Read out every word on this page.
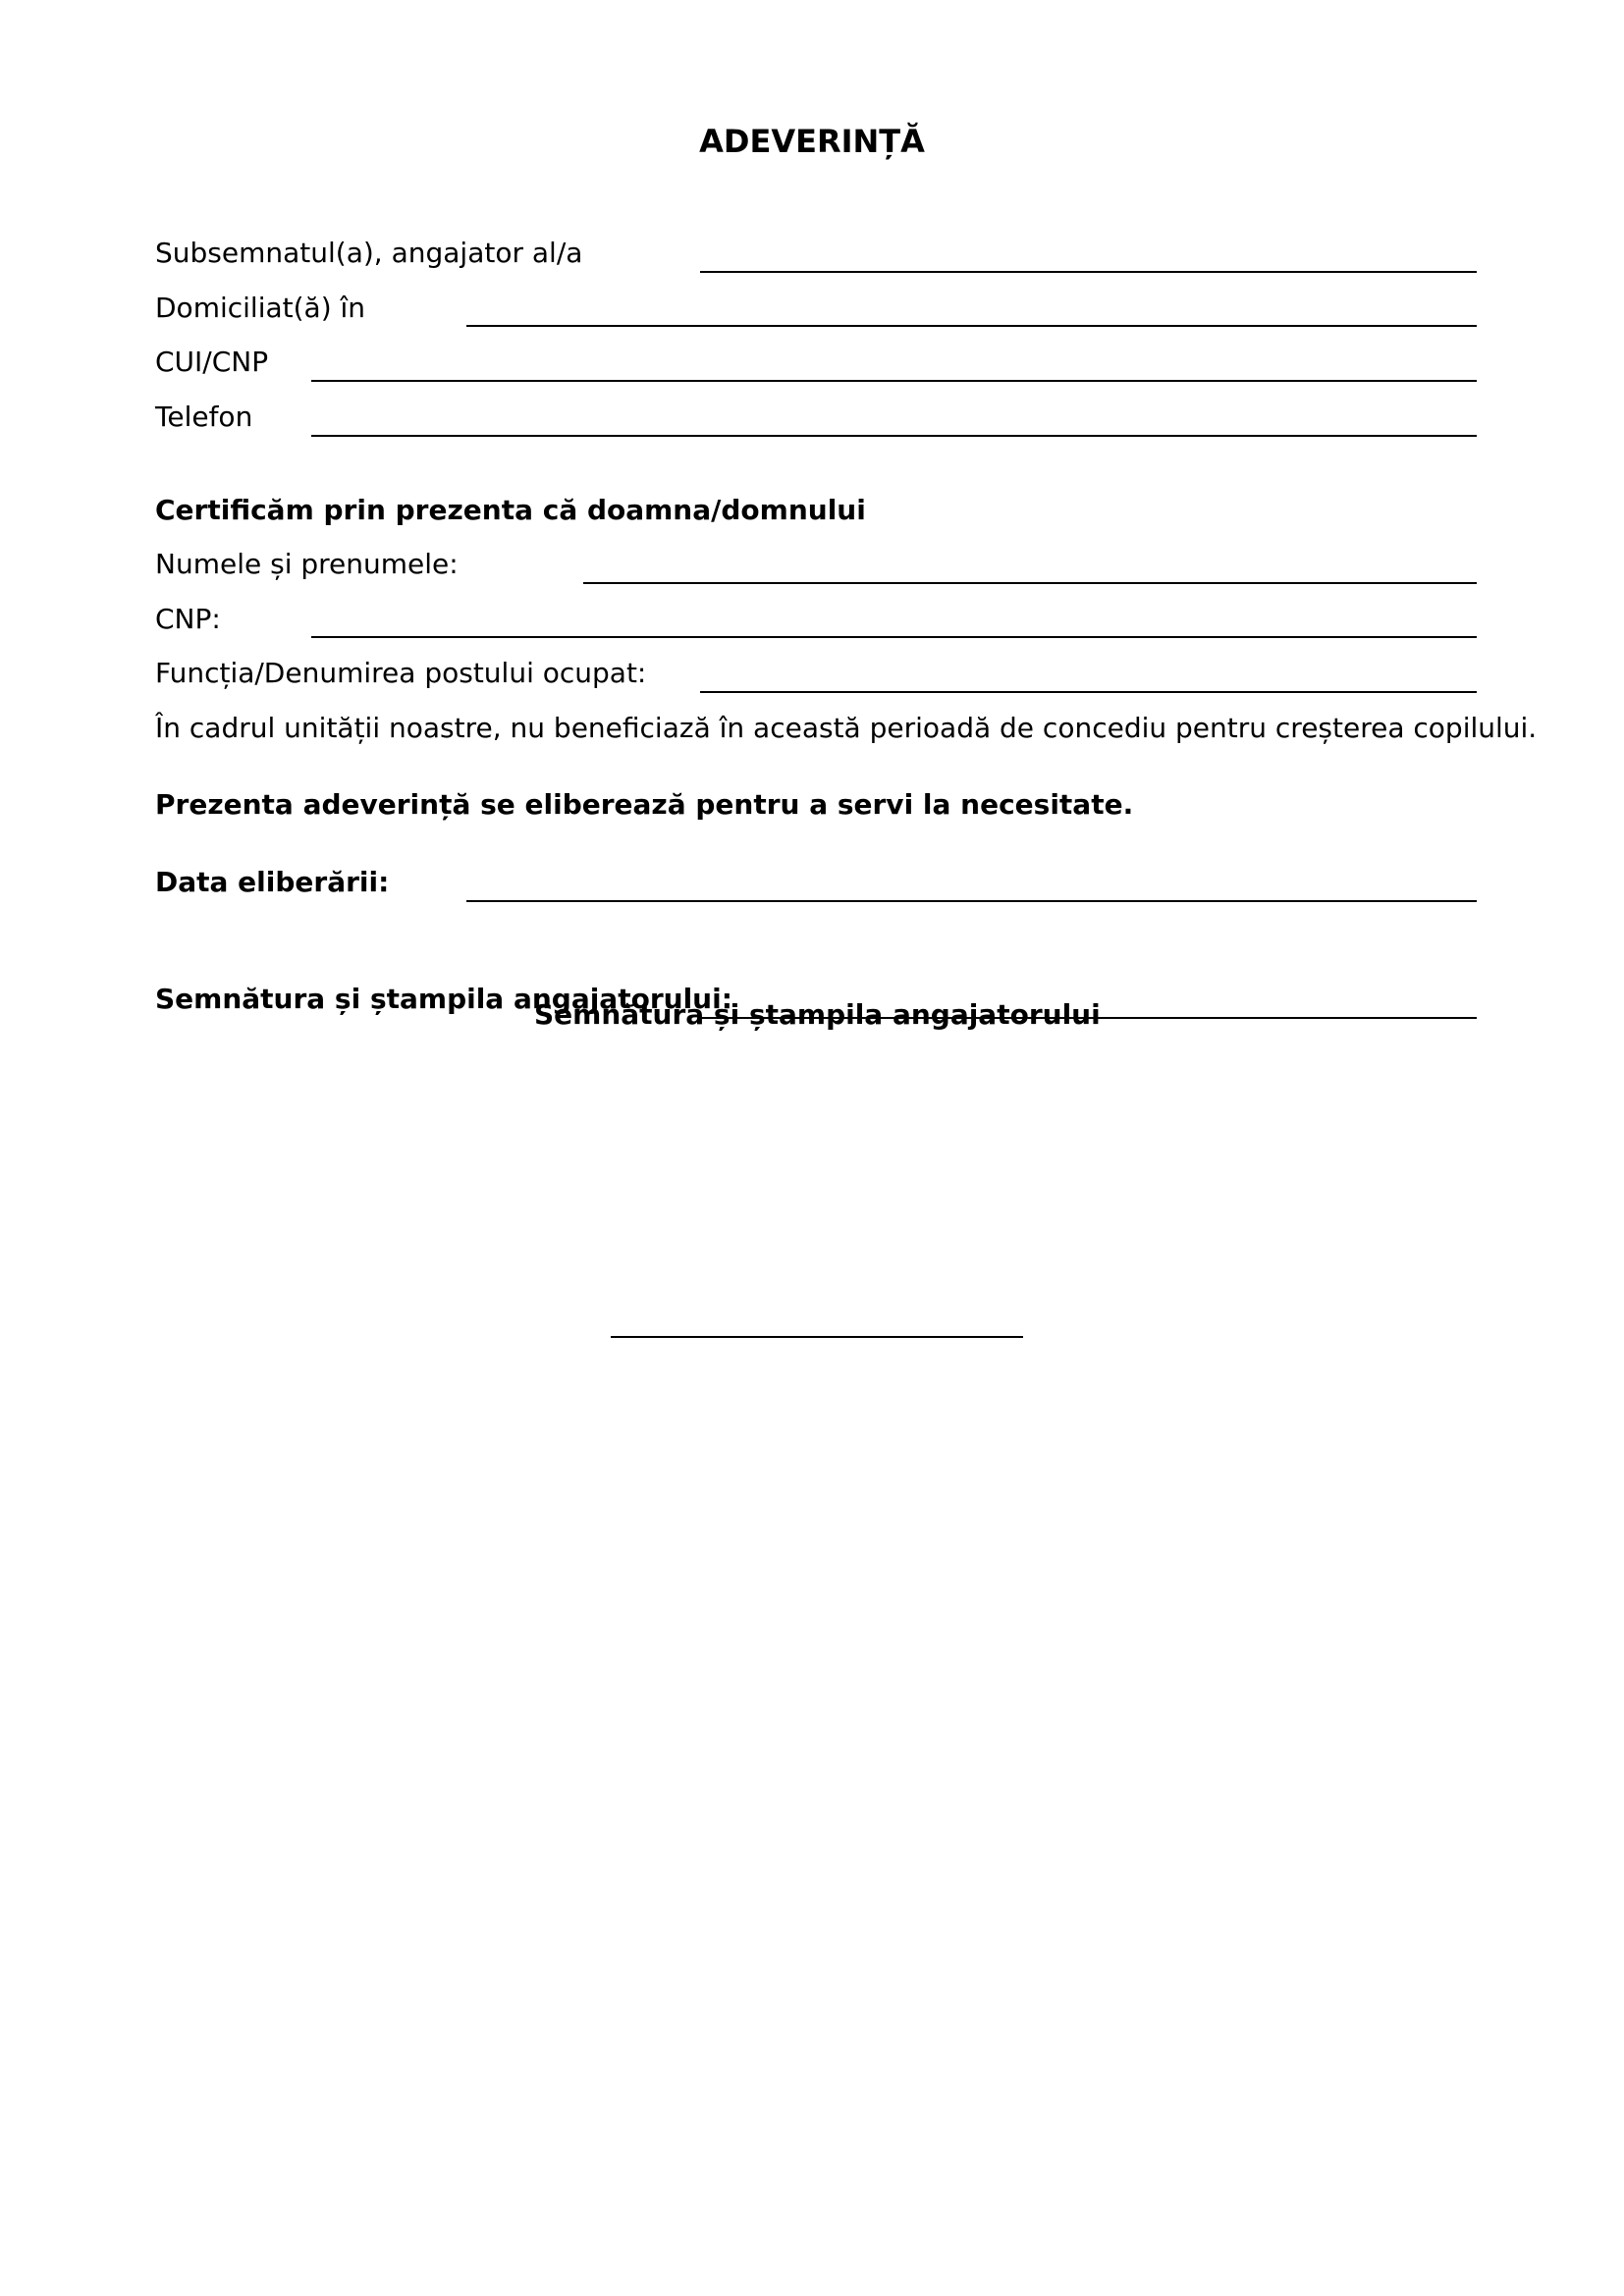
ADEVERINȚĂ
Subsemnatul(a), angajator al/a
Domiciliat(ă) în
CUI/CNP
Telefon
Certificăm prin prezenta că doamna/domnului
Numele și prenumele:
CNP:
Funcția/Denumirea postului ocupat:
În cadrul unității noastre, nu beneficiază în această perioadă de concediu pentru creșterea copilului.
Prezenta adeverință se eliberează pentru a servi la necesitate.
Data eliberării:
Semnătura și ștampila angajatorului:
Semnătura și ștampila angajatorului
